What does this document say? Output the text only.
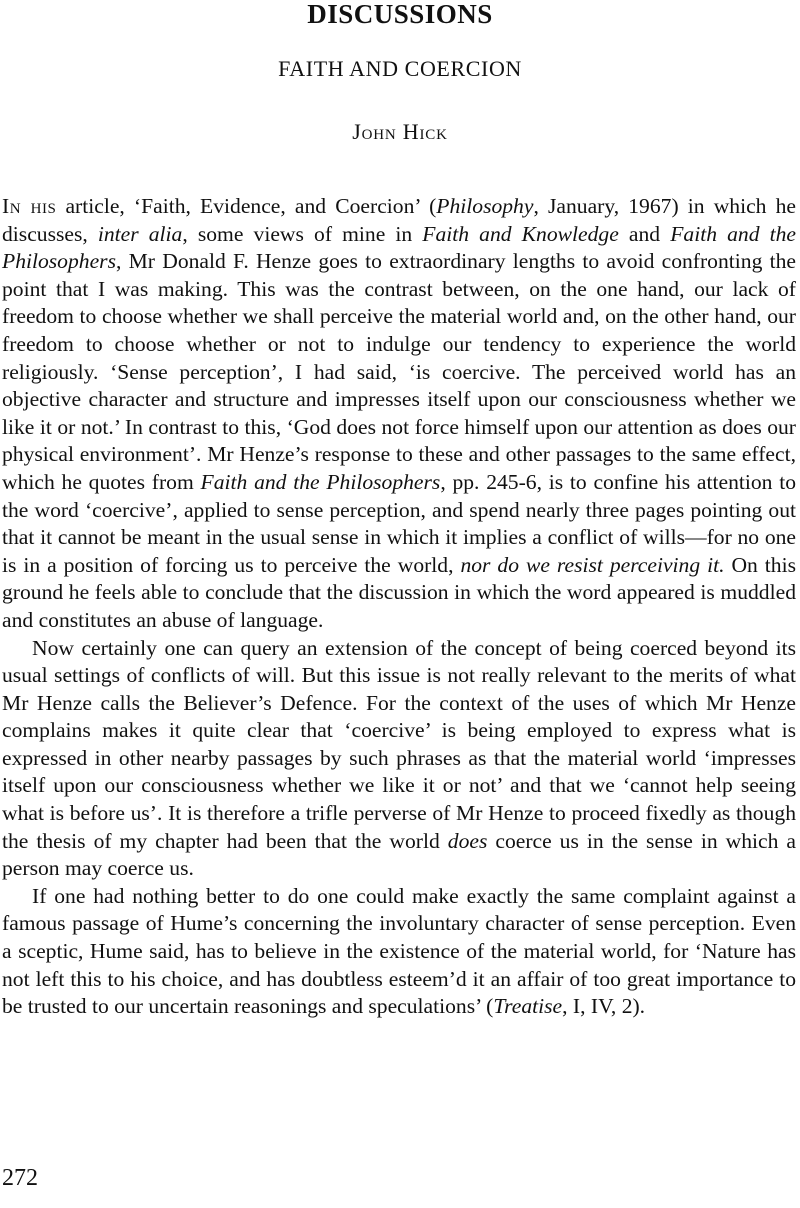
DISCUSSIONS
FAITH AND COERCION
John Hick

In his article, ‘Faith, Evidence, and Coercion’ (Philosophy, January, 1967) in which he discusses, inter alia, some views of mine in Faith and Knowledge and Faith and the Philosophers, Mr Donald F. Henze goes to extraordinary lengths to avoid confronting the point that I was making. This was the contrast between, on the one hand, our lack of freedom to choose whether we shall perceive the material world and, on the other hand, our freedom to choose whether or not to indulge our tendency to experience the world religiously. ‘Sense perception’, I had said, ‘is coercive. The perceived world has an objective character and structure and impresses itself upon our consciousness whether we like it or not.’ In contrast to this, ‘God does not force himself upon our attention as does our physical environment’. Mr Henze’s response to these and other passages to the same effect, which he quotes from Faith and the Philosophers, pp. 245-6, is to confine his attention to the word ‘coercive’, applied to sense perception, and spend nearly three pages pointing out that it cannot be meant in the usual sense in which it implies a conflict of wills—for no one is in a position of forcing us to perceive the world, nor do we resist perceiving it. On this ground he feels able to conclude that the discussion in which the word appeared is muddled and constitutes an abuse of language.

Now certainly one can query an extension of the concept of being coerced beyond its usual settings of conflicts of will. But this issue is not really relevant to the merits of what Mr Henze calls the Believer’s Defence. For the context of the uses of which Mr Henze complains makes it quite clear that ‘coercive’ is being employed to express what is expressed in other nearby passages by such phrases as that the material world ‘impresses itself upon our consciousness whether we like it or not’ and that we ‘cannot help seeing what is before us’. It is therefore a trifle perverse of Mr Henze to proceed fixedly as though the thesis of my chapter had been that the world does coerce us in the sense in which a person may coerce us.

If one had nothing better to do one could make exactly the same complaint against a famous passage of Hume’s concerning the involuntary character of sense perception. Even a sceptic, Hume said, has to believe in the existence of the material world, for ‘Nature has not left this to his choice, and has doubtless esteem’d it an affair of too great importance to be trusted to our uncertain reasonings and speculations’ (Treatise, I, IV, 2).

272
